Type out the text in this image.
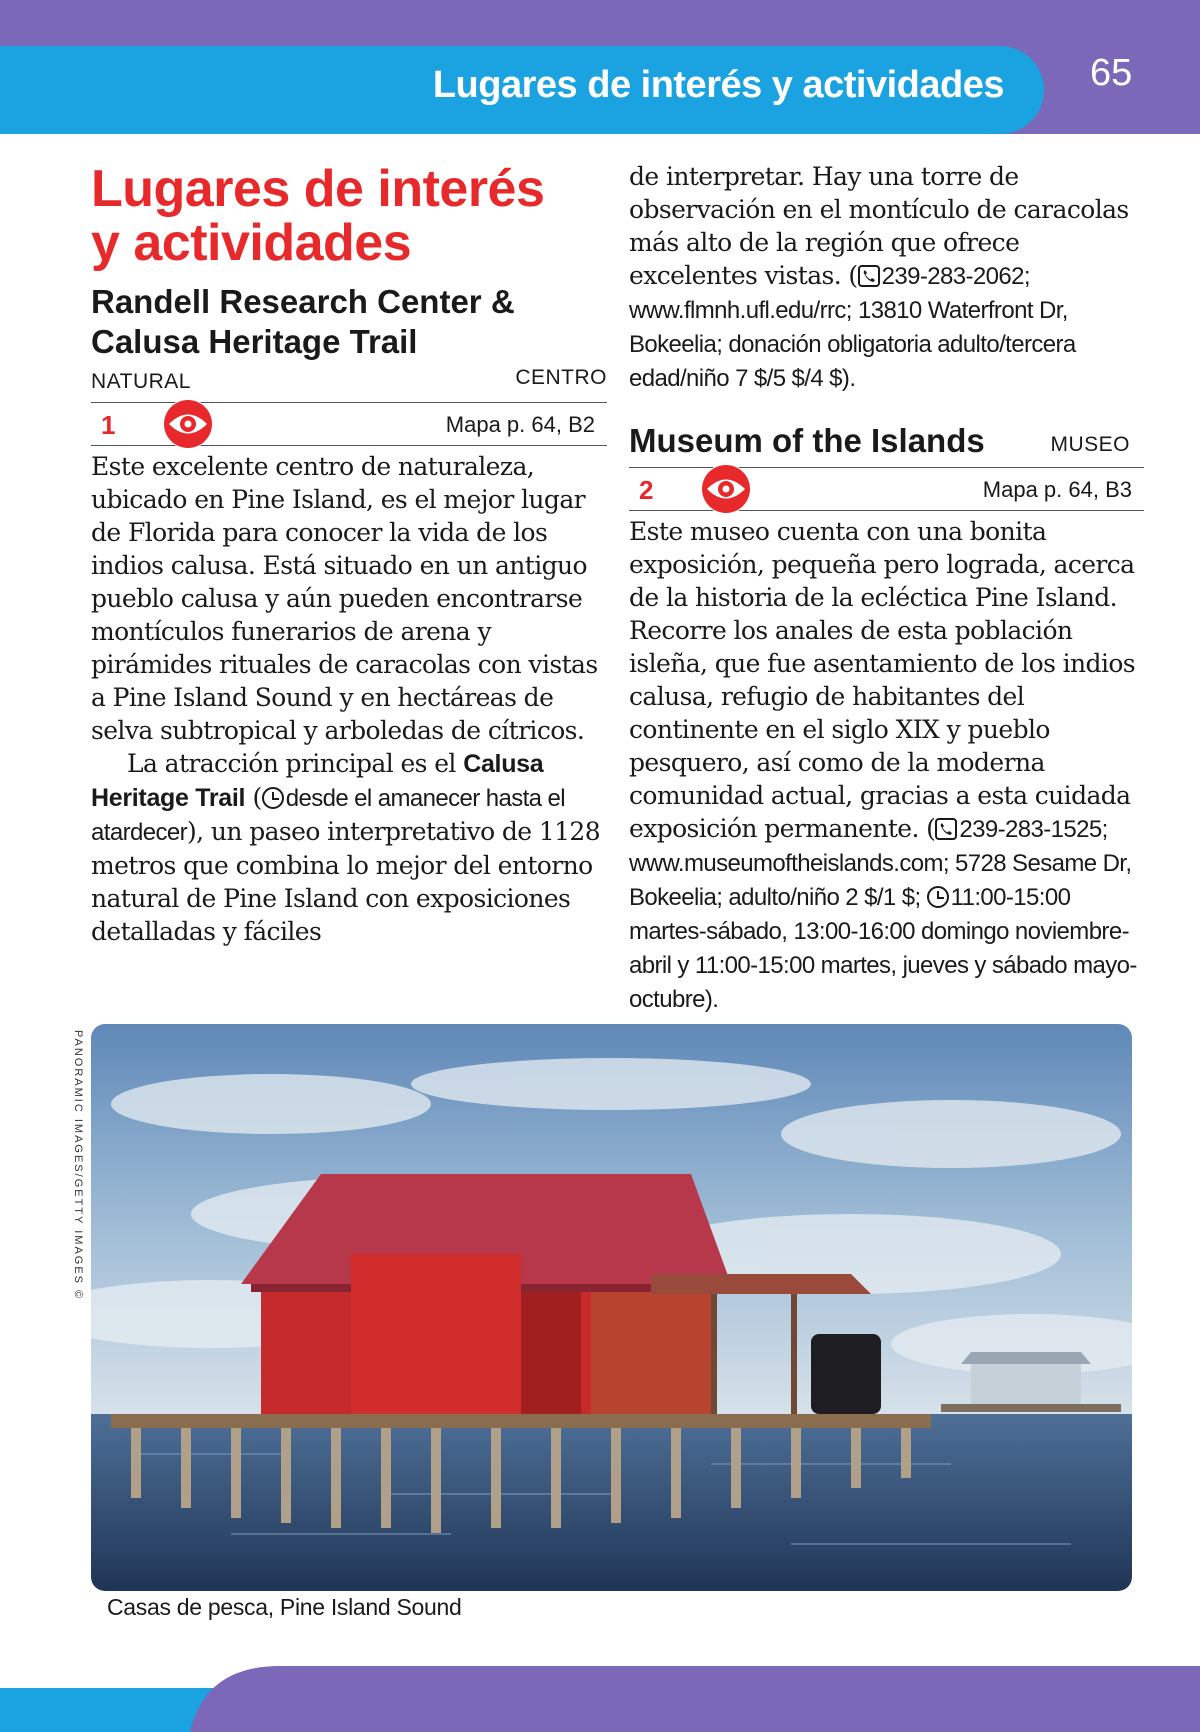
Lugares de interés y actividades 65
Lugares de interés
y actividades
Randell Research Center &
Calusa Heritage Trail
CENTRO
NATURAL
1	Mapa p. 64, B2

Este excelente centro de naturaleza, ubicado en Pine Island, es el mejor lugar de Florida para conocer la vida de los indios calusa. Está situado en un antiguo pueblo calusa y aún pueden encontrarse montículos funerarios de arena y pirámides rituales de caracolas con vistas a Pine Island Sound y en hectáreas de selva subtropical y arboledas de cítricos.

La atracción principal es el Calusa Heritage Trail ( desde el amanecer hasta el atardecer), un paseo interpretativo de 1128 metros que combina lo mejor del entorno natural de Pine Island con exposiciones detalladas y fáciles

de interpretar. Hay una torre de observación en el montículo de caracolas más alto de la región que ofrece excelentes vistas. ( 239-283-2062; www.flmnh.ufl.edu/rrc; 13810 Waterfront Dr, Bokeelia; donación obligatoria adulto/tercera edad/niño 7 $/5 $/4 $).

Museum of the Islands	MUSEO
2	Mapa p. 64, B3

Este museo cuenta con una bonita exposición, pequeña pero lograda, acerca de la historia de la ecléctica Pine Island. Recorre los anales de esta población isleña, que fue asentamiento de los indios calusa, refugio de habitantes del continente en el siglo XIX y pueblo pesquero, así como de la moderna comunidad actual, gracias a esta cuidada exposición permanente. ( 239-283-1525; www.museumoftheislands.com; 5728 Sesame Dr, Bokeelia; adulto/niño 2 $/1 $; 11:00-15:00 martes-sábado, 13:00-16:00 domingo noviembre-abril y 11:00-15:00 martes, jueves y sábado mayo-octubre).

PANORAMIC IMAGES/GETTY IMAGES ©
Casas de pesca, Pine Island Sound
